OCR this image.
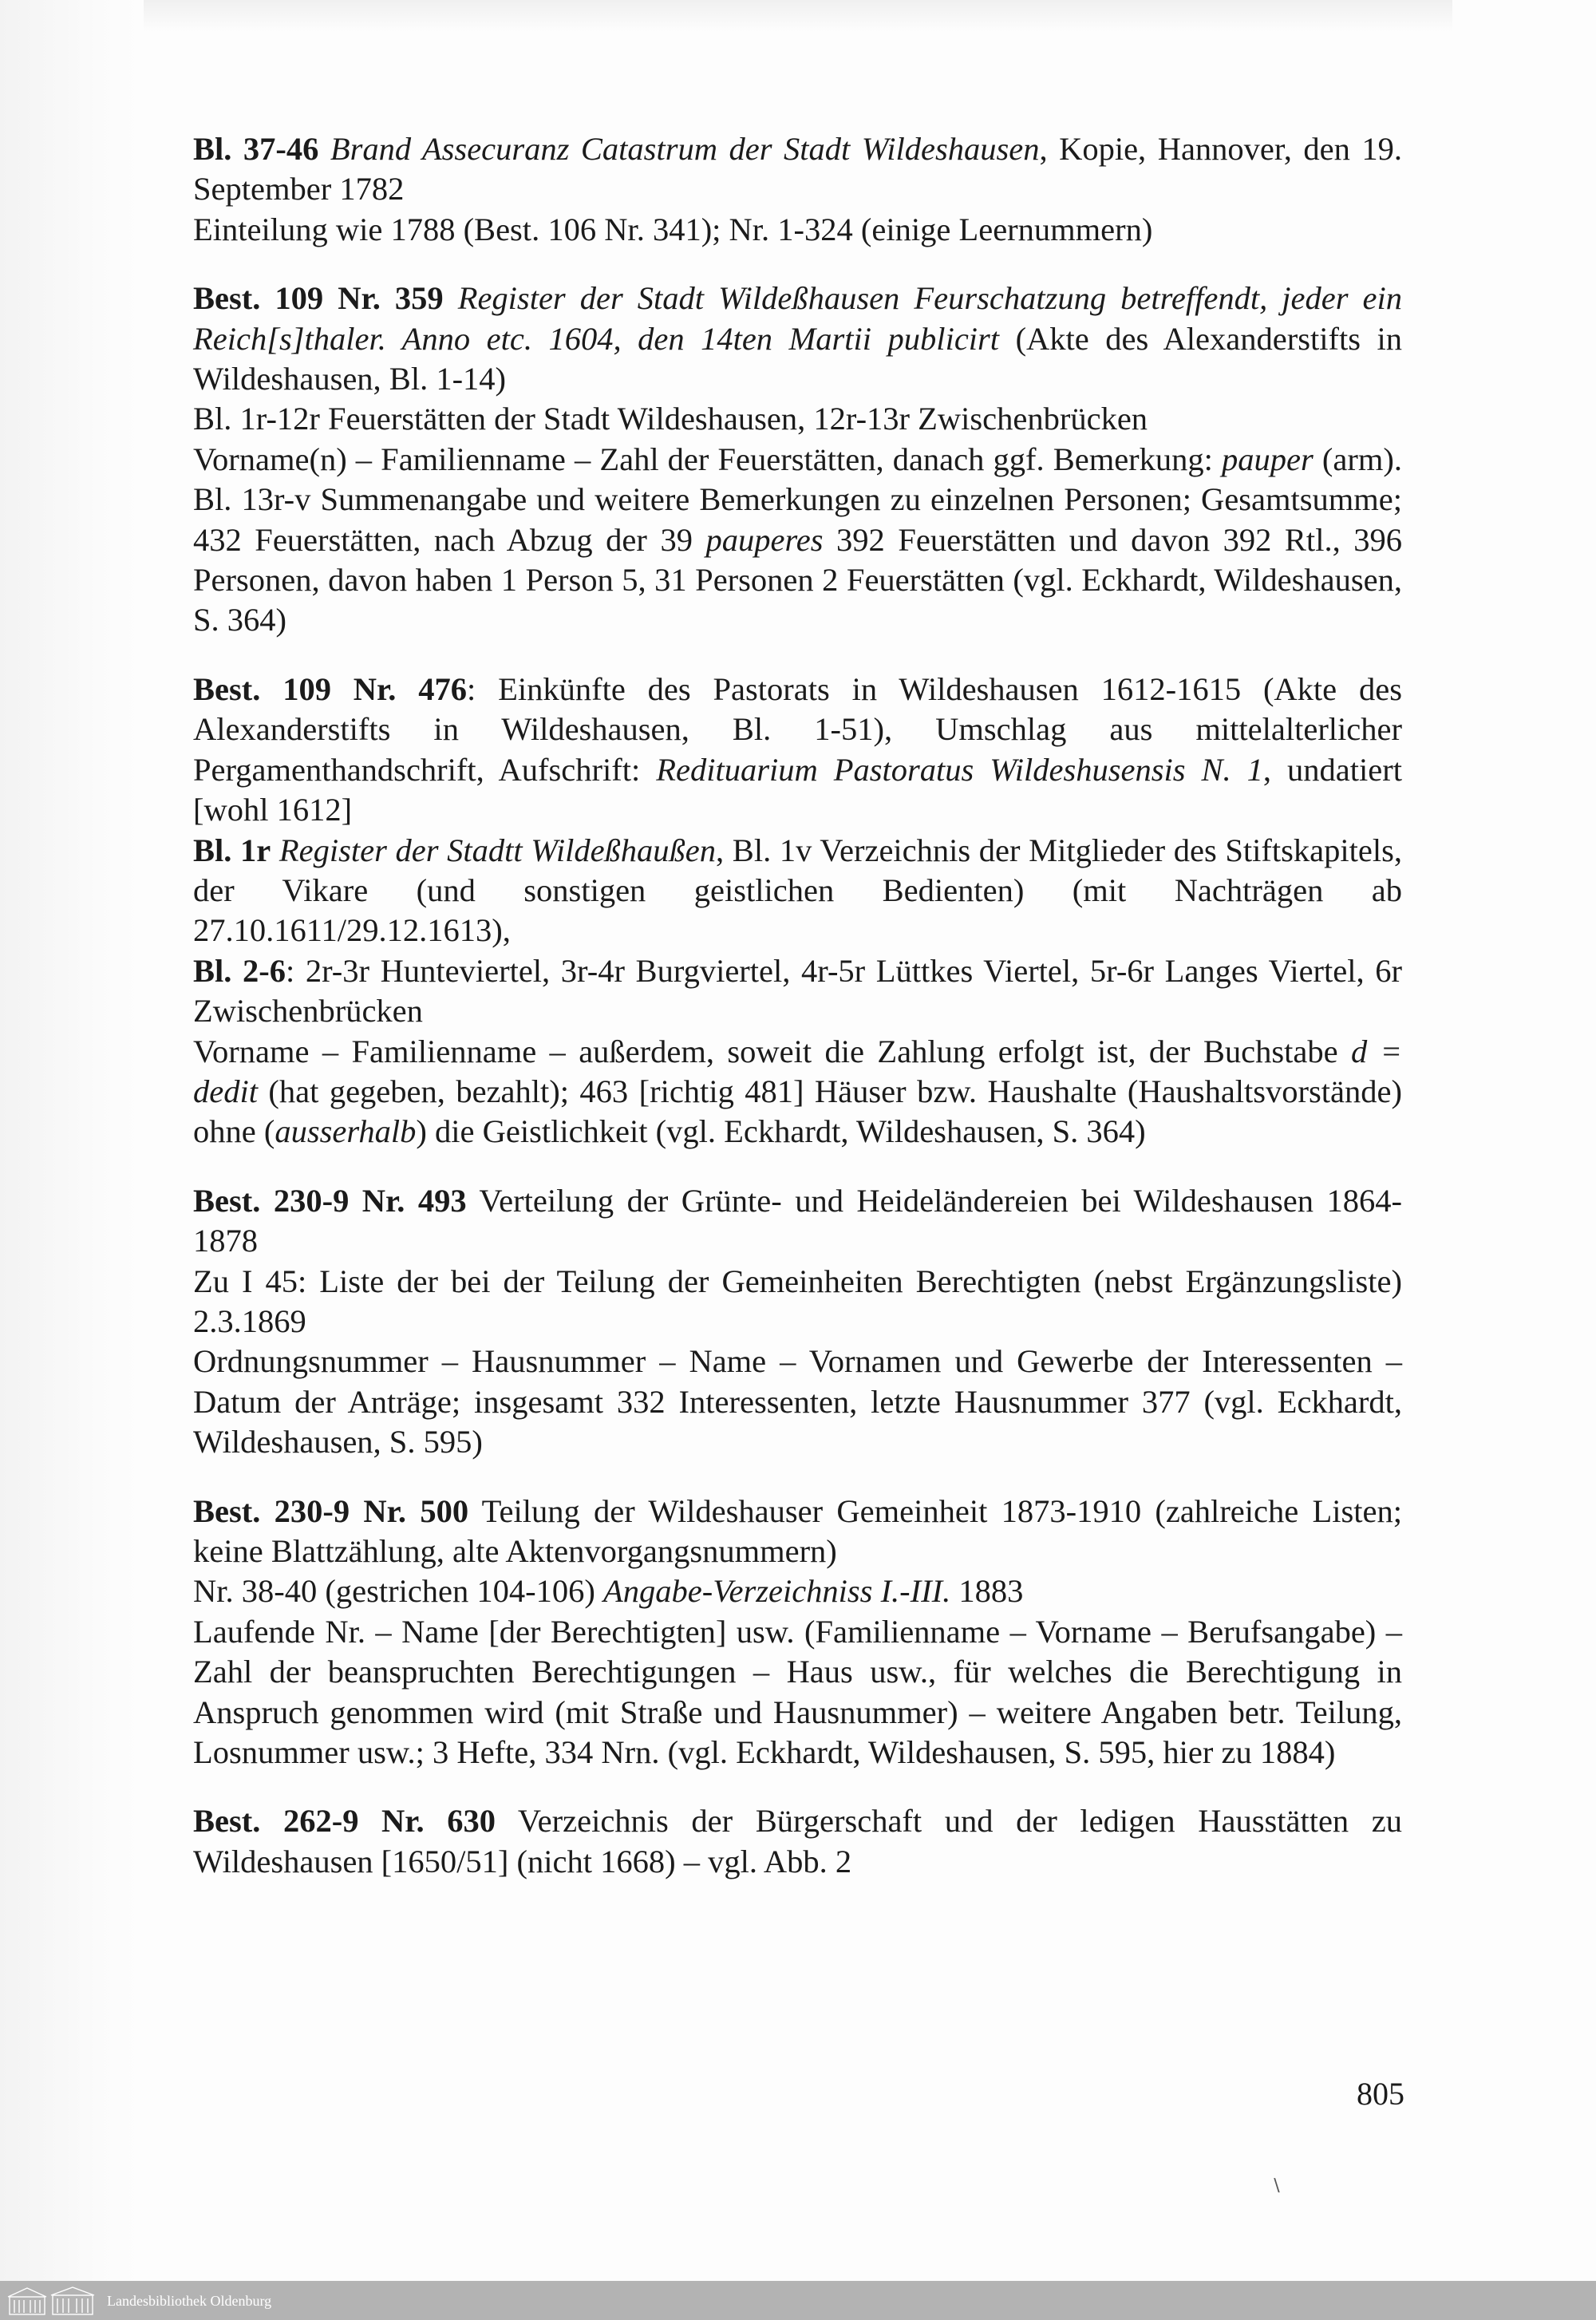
Bl. 37-46 Brand Assecuranz Catastrum der Stadt Wildeshausen, Kopie, Hannover, den 19. September 1782

Einteilung wie 1788 (Best. 106 Nr. 341); Nr. 1-324 (einige Leernummern)

Best. 109 Nr. 359 Register der Stadt Wildeßhausen Feurschatzung betreffendt, jeder ein Reich[s]thaler. Anno etc. 1604, den 14ten Martii publicirt (Akte des Alexanderstifts in Wildeshausen, Bl. 1-14)

Bl. 1r-12r Feuerstätten der Stadt Wildeshausen, 12r-13r Zwischenbrücken

Vorname(n) – Familienname – Zahl der Feuerstätten, danach ggf. Bemerkung: pauper (arm). Bl. 13r-v Summenangabe und weitere Bemerkungen zu einzelnen Personen; Gesamtsumme; 432 Feuerstätten, nach Abzug der 39 pauperes 392 Feuerstätten und davon 392 Rtl., 396 Personen, davon haben 1 Person 5, 31 Personen 2 Feuerstätten (vgl. Eckhardt, Wildeshausen, S. 364)

Best. 109 Nr. 476: Einkünfte des Pastorats in Wildeshausen 1612-1615 (Akte des Alexanderstifts in Wildeshausen, Bl. 1-51), Umschlag aus mittelalterlicher Pergamenthandschrift, Aufschrift: Redituarium Pastoratus Wildeshusensis N. 1, undatiert [wohl 1612]

Bl. 1r Register der Stadtt Wildeßhaußen, Bl. 1v Verzeichnis der Mitglieder des Stiftskapitels, der Vikare (und sonstigen geistlichen Bedienten) (mit Nachträgen ab 27.10.1611/29.12.1613),

Bl. 2-6: 2r-3r Hunteviertel, 3r-4r Burgviertel, 4r-5r Lüttkes Viertel, 5r-6r Langes Viertel, 6r Zwischenbrücken

Vorname – Familienname – außerdem, soweit die Zahlung erfolgt ist, der Buchstabe d = dedit (hat gegeben, bezahlt); 463 [richtig 481] Häuser bzw. Haushalte (Haushaltsvorstände) ohne (ausserhalb) die Geistlichkeit (vgl. Eckhardt, Wildeshausen, S. 364)

Best. 230-9 Nr. 493 Verteilung der Grünte- und Heideländereien bei Wildeshausen 1864-1878

Zu I 45: Liste der bei der Teilung der Gemeinheiten Berechtigten (nebst Ergänzungsliste) 2.3.1869

Ordnungsnummer – Hausnummer – Name – Vornamen und Gewerbe der Interessenten – Datum der Anträge; insgesamt 332 Interessenten, letzte Hausnummer 377 (vgl. Eckhardt, Wildeshausen, S. 595)

Best. 230-9 Nr. 500 Teilung der Wildeshauser Gemeinheit 1873-1910 (zahlreiche Listen; keine Blattzählung, alte Aktenvorgangsnummern)

Nr. 38-40 (gestrichen 104-106) Angabe-Verzeichniss I.-III. 1883

Laufende Nr. – Name [der Berechtigten] usw. (Familienname – Vorname – Berufsangabe) – Zahl der beanspruchten Berechtigungen – Haus usw., für welches die Berechtigung in Anspruch genommen wird (mit Straße und Hausnummer) – weitere Angaben betr. Teilung, Losnummer usw.; 3 Hefte, 334 Nrn. (vgl. Eckhardt, Wildeshausen, S. 595, hier zu 1884)

Best. 262-9 Nr. 630 Verzeichnis der Bürgerschaft und der ledigen Hausstätten zu Wildeshausen [1650/51] (nicht 1668) – vgl. Abb. 2

805
∖
Landesbibliothek Oldenburg
